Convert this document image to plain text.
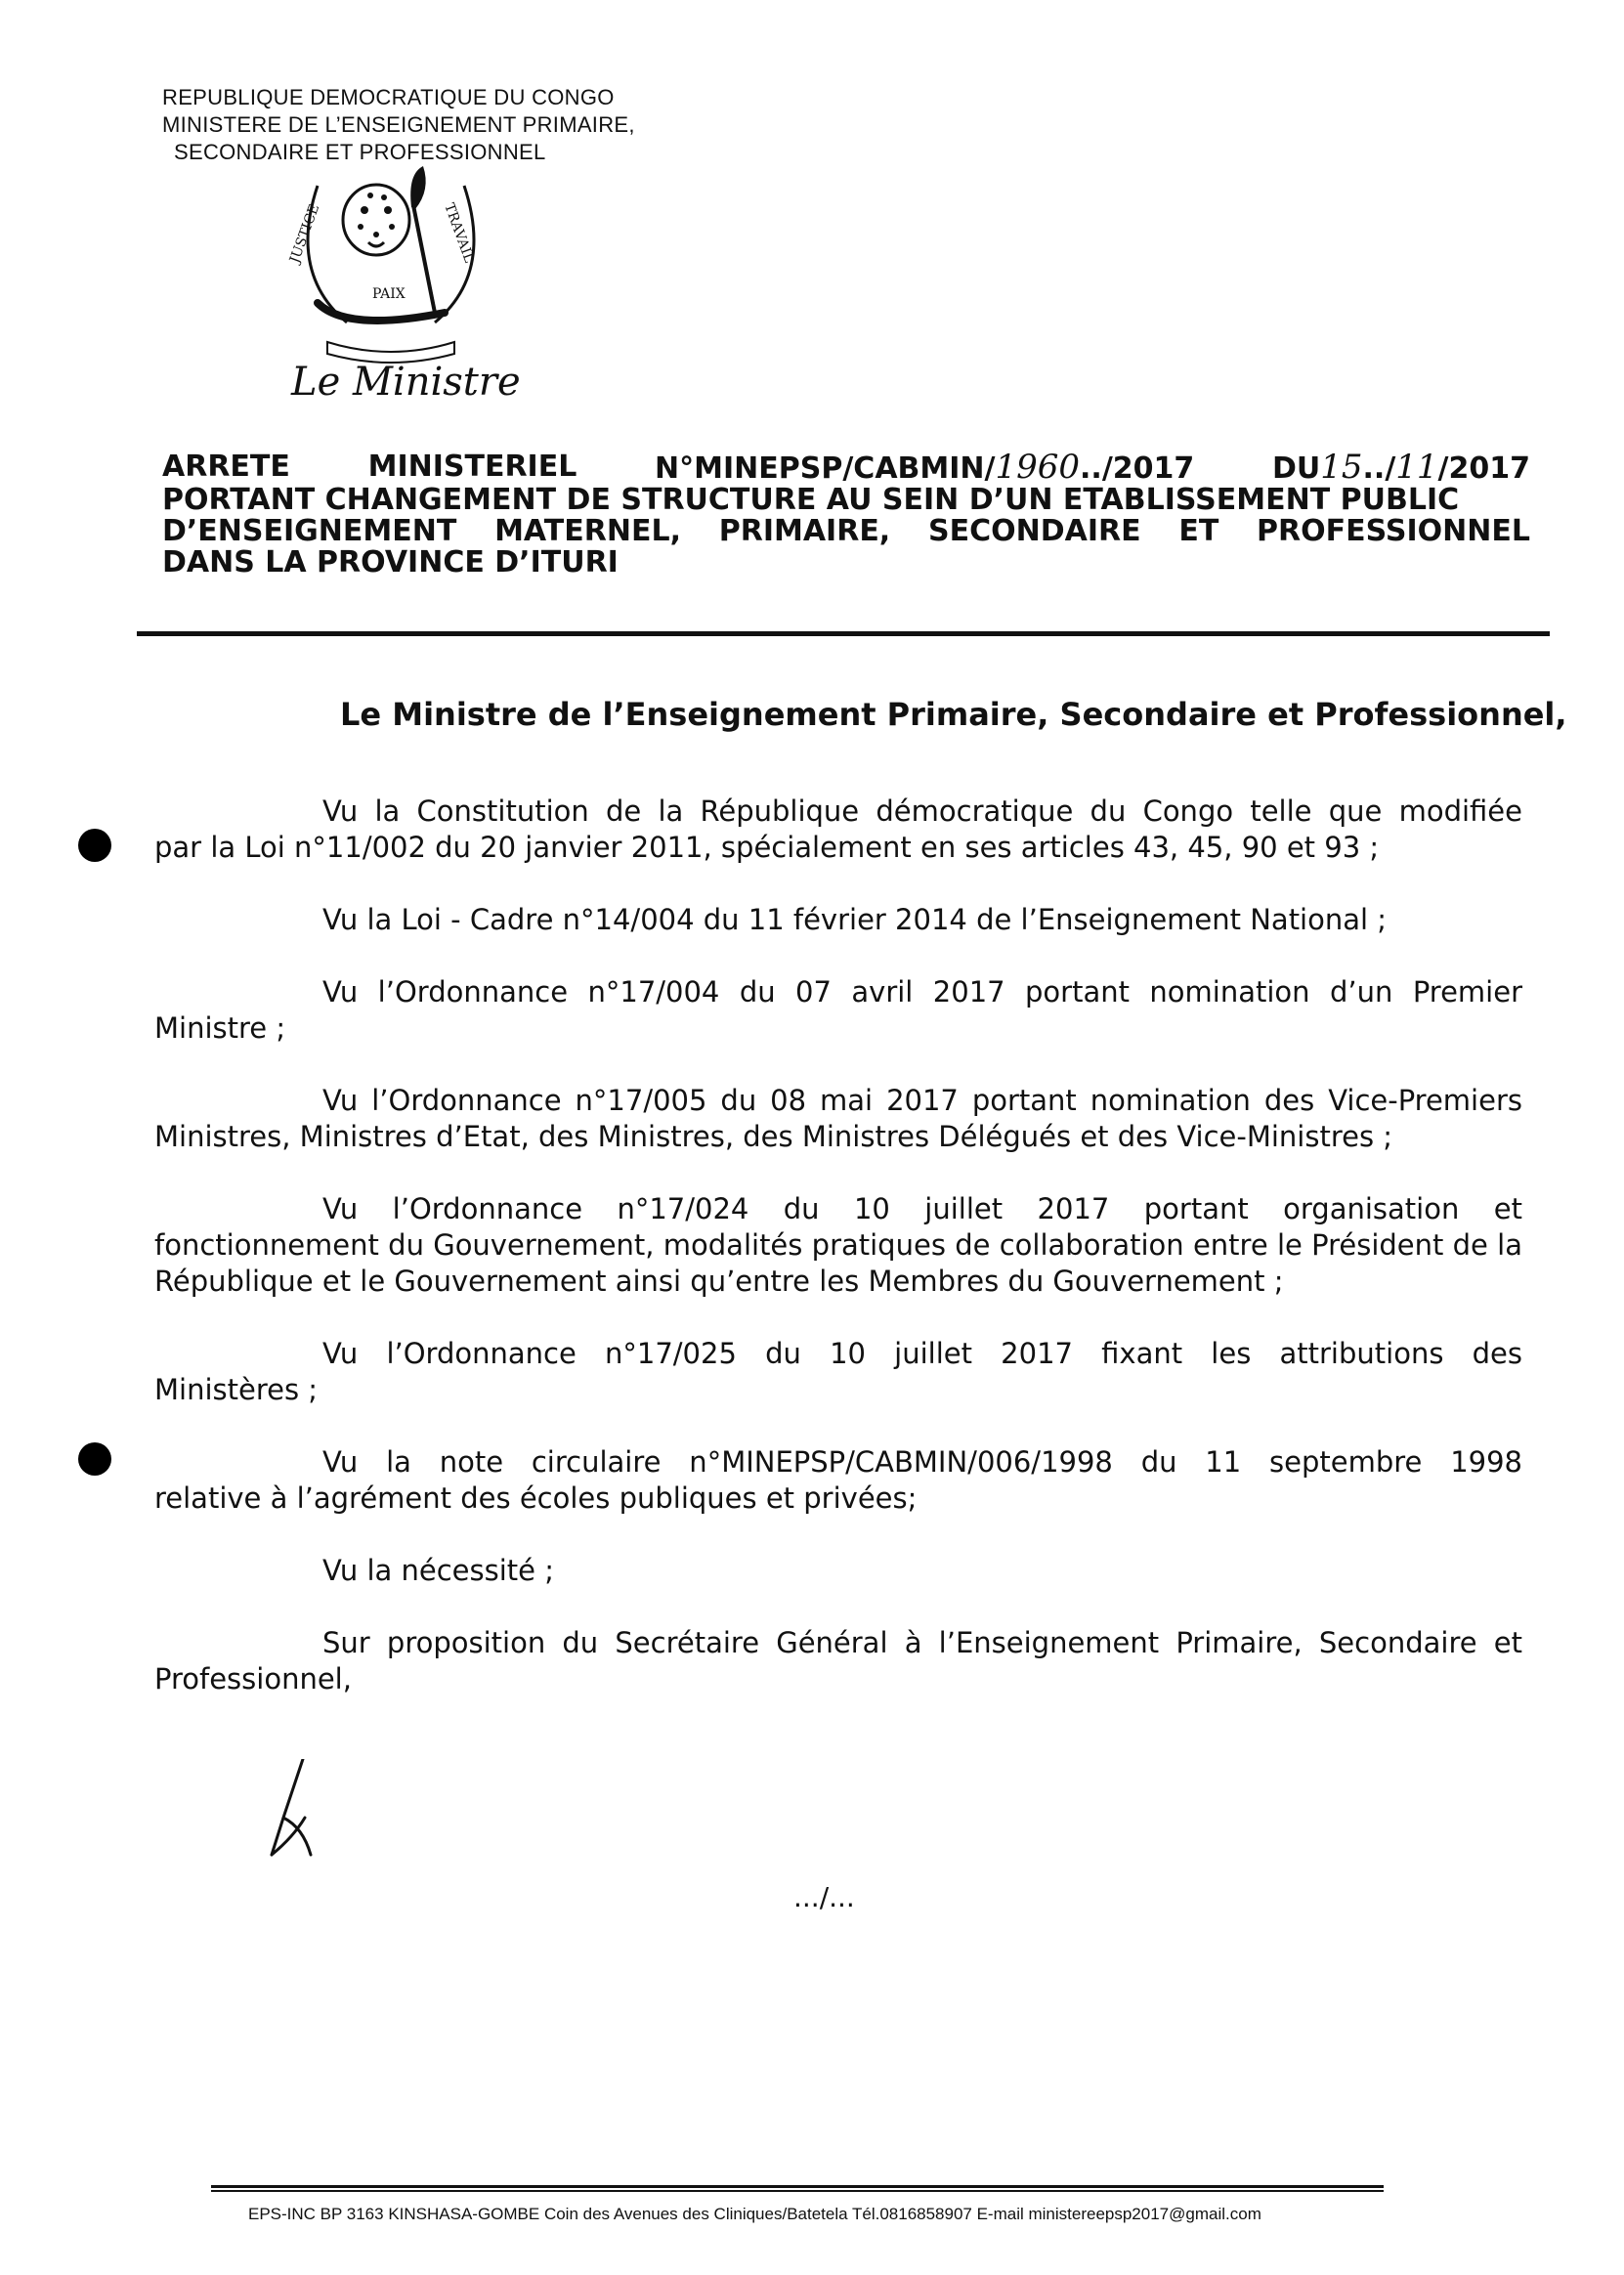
REPUBLIQUE DEMOCRATIQUE DU CONGO
MINISTERE DE L’ENSEIGNEMENT PRIMAIRE,
SECONDAIRE ET PROFESSIONNEL
JUSTICE
PAIX
TRAVAIL
Le Ministre
ARRETE	MINISTERIEL	N°MINEPSP/CABMIN/1960../2017	DU15../11/2017
PORTANT CHANGEMENT DE STRUCTURE AU SEIN D’UN ETABLISSEMENT PUBLIC
D’ENSEIGNEMENT MATERNEL, PRIMAIRE, SECONDAIRE ET PROFESSIONNEL
DANS LA PROVINCE D’ITURI
Le Ministre de l’Enseignement Primaire, Secondaire et Professionnel,

Vu la Constitution de la République démocratique du Congo telle que modifiée
par la Loi n°11/002 du 20 janvier 2011, spécialement en ses articles 43, 45, 90 et 93 ;

Vu la Loi - Cadre n°14/004 du 11 février 2014 de l’Enseignement National ;

Vu l’Ordonnance n°17/004 du 07 avril 2017 portant nomination d’un Premier
Ministre ;

Vu l’Ordonnance n°17/005 du 08 mai 2017 portant nomination des Vice-Premiers
Ministres, Ministres d’Etat, des Ministres, des Ministres Délégués et des Vice-Ministres ;

Vu l’Ordonnance n°17/024 du 10 juillet 2017 portant organisation et
fonctionnement du Gouvernement, modalités pratiques de collaboration entre le Président de la République et le Gouvernement ainsi qu’entre les Membres du Gouvernement ;

Vu l’Ordonnance n°17/025 du 10 juillet 2017 fixant les attributions des
Ministères ;

Vu la note circulaire n°MINEPSP/CABMIN/006/1998 du 11 septembre 1998
relative à l’agrément des écoles publiques et privées;

Vu la nécessité ;

Sur proposition du Secrétaire Général à l’Enseignement Primaire, Secondaire et
Professionnel,

.../...
EPS-INC BP 3163 KINSHASA-GOMBE Coin des Avenues des Cliniques/Batetela Tél.0816858907 E-mail ministereepsp2017@gmail.com
